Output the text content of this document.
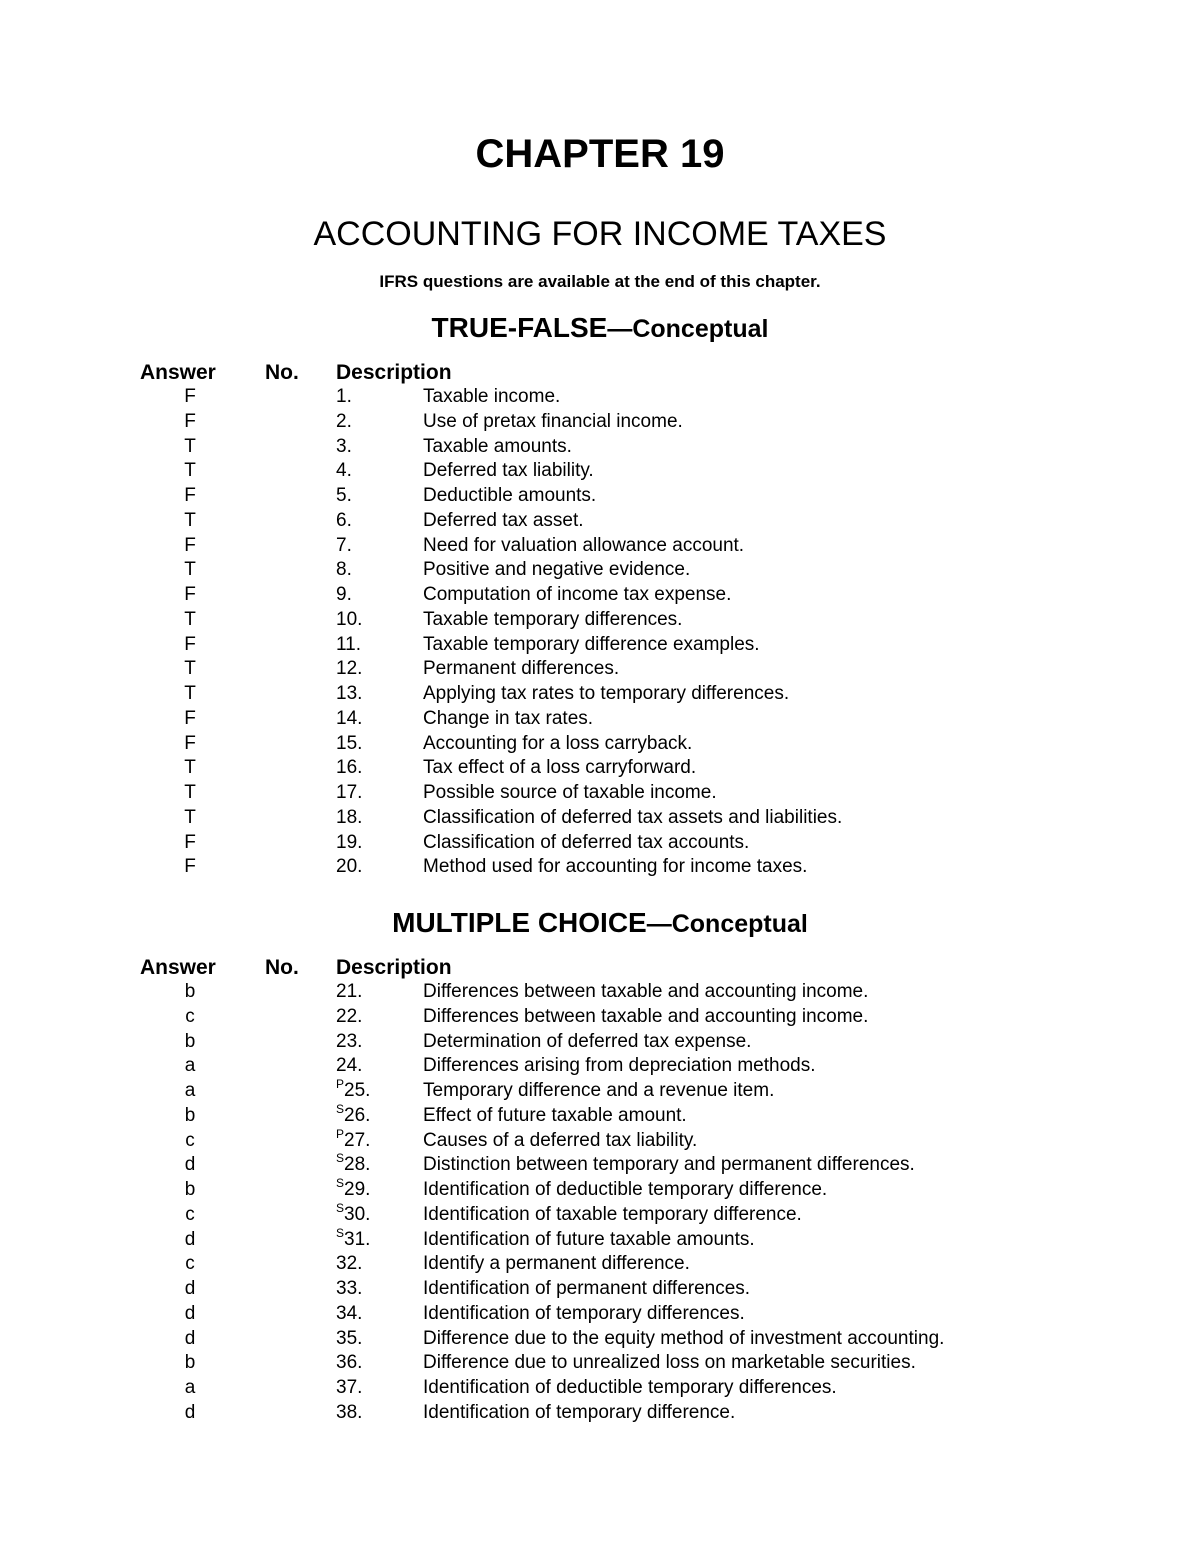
CHAPTER 19
ACCOUNTING FOR INCOME TAXES
IFRS questions are available at the end of this chapter.
TRUE-FALSE—Conceptual
Answer No. Description
F	1.	Taxable income.
F	2.	Use of pretax financial income.
T	3.	Taxable amounts.
T	4.	Deferred tax liability.
F	5.	Deductible amounts.
T	6.	Deferred tax asset.
F	7.	Need for valuation allowance account.
T	8.	Positive and negative evidence.
F	9.	Computation of income tax expense.
T	10.	Taxable temporary differences.
F	11.	Taxable temporary difference examples.
T	12.	Permanent differences.
T	13.	Applying tax rates to temporary differences.
F	14.	Change in tax rates.
F	15.	Accounting for a loss carryback.
T	16.	Tax effect of a loss carryforward.
T	17.	Possible source of taxable income.
T	18.	Classification of deferred tax assets and liabilities.
F	19.	Classification of deferred tax accounts.
F	20.	Method used for accounting for income taxes.
MULTIPLE CHOICE—Conceptual
Answer No. Description
b	21.	Differences between taxable and accounting income.
c	22.	Differences between taxable and accounting income.
b	23.	Determination of deferred tax expense.
a	24.	Differences arising from depreciation methods.
a	$^P$25.	Temporary difference and a revenue item.
b	$^S$26.	Effect of future taxable amount.
c	$^P$27.	Causes of a deferred tax liability.
d	$^S$28.	Distinction between temporary and permanent differences.
b	$^S$29.	Identification of deductible temporary difference.
c	$^S$30.	Identification of taxable temporary difference.
d	$^S$31.	Identification of future taxable amounts.
c	32.	Identify a permanent difference.
d	33.	Identification of permanent differences.
d	34.	Identification of temporary differences.
d	35.	Difference due to the equity method of investment accounting.
b	36.	Difference due to unrealized loss on marketable securities.
a	37.	Identification of deductible temporary differences.
d	38.	Identification of temporary difference.
